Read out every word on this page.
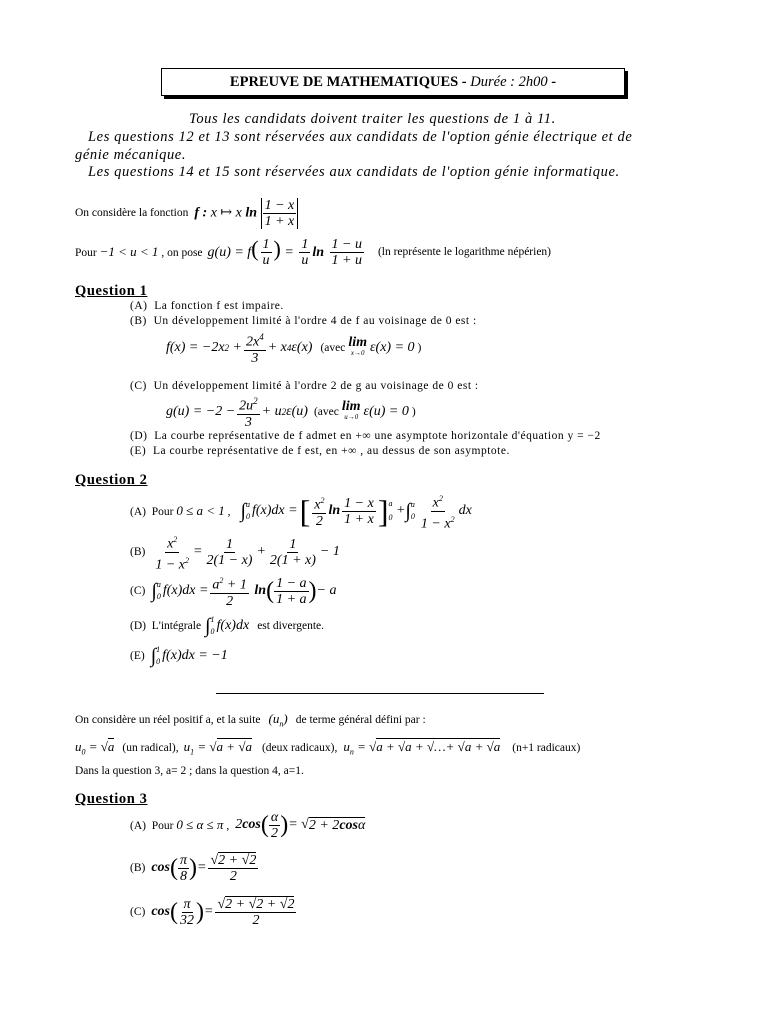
EPREUVE DE MATHEMATIQUES - Durée : 2h00 -
Tous les candidats doivent traiter les questions de 1 à 11.
Les questions 12 et 13 sont réservées aux candidats de l'option génie électrique et de
génie mécanique.
Les questions 14 et 15 sont réservées aux candidats de l'option génie informatique.
On considère la fonction f : x ↦ x $\ln \frac{1 - x}{1 + x}$
Pour −1 < u < 1 , on pose $g(u) = f( \frac{1}{u}$ ) = $\frac{1}{u}$ $\ln \frac{1 - u}{1 + u} (\ln$ représente le logarithme népérien)
Question 1
(A) La fonction f est impaire.
(B) Un développement limité à l'ordre 4 de f au voisinage de 0 est :
f(x) = −2x $2 + \frac{2x^4}{3} + x$ 4 ε(x) (avec lim
x→0 ε(x) = 0 )
(C) Un développement limité à l'ordre 2 de g au voisinage de 0 est :
$g(u) = -2 - \frac{2u^2}{3} + u$ 2 ε(u) (avec lim
u→0 ε(u) = 0 )
(D) La courbe représentative de f admet en +∞ une asymptote horizontale d'équation y = −2
(E) La courbe représentative de f est, en +∞ , au dessus de son asymptote.
Question 2
(A)  Pour 0 ≤ a < 1 , ∫ a
0 f(x)dx = [ $\frac{x^2}{2}$ $\ln \frac{1 - x}{1 + x}$ ] a
0 + ∫ a
$0 \frac{x^2}{1 - x^2}$ dx
$(B) \frac{x^2}{1 - x^2} = \frac{1}{2(1 - x)} + \frac{1}{2(1 + x)} - 1$
(C) ∫ a
0 $f(x)dx = \frac{a^2 + 1}{2}$
ln ( $\frac{1 - a}{1 + a}$ ) − a
(D) L'intégrale ∫ 1
0 f(x)dx est divergente.
(E) ∫ 1
0 f(x)dx = −1
On considère un réel positif a, et la suite $(u_n)$ de terme général défini par :
$u_0 = √a$ (un radical), $u_1 = √a + √a$ (deux radicaux), $u_n = √a + √a$ + √…+ √a + √a (n+1 radicaux)
Dans la question 3, a= 2 ; dans la question 4, a=1.
Question 3
(A)  Pour 0 ≤ α ≤ π , 2 cos ( $\frac{\alpha}{2}$ ) = √ 2 + 2cosα
(B) cos ( $\frac{\pi}{8}$ ) = $\frac{√2 + √2}{2}$
(C) cos ( $\frac{\pi}{32}$ ) = $\frac{√2 + √2 + √2}{2}$
